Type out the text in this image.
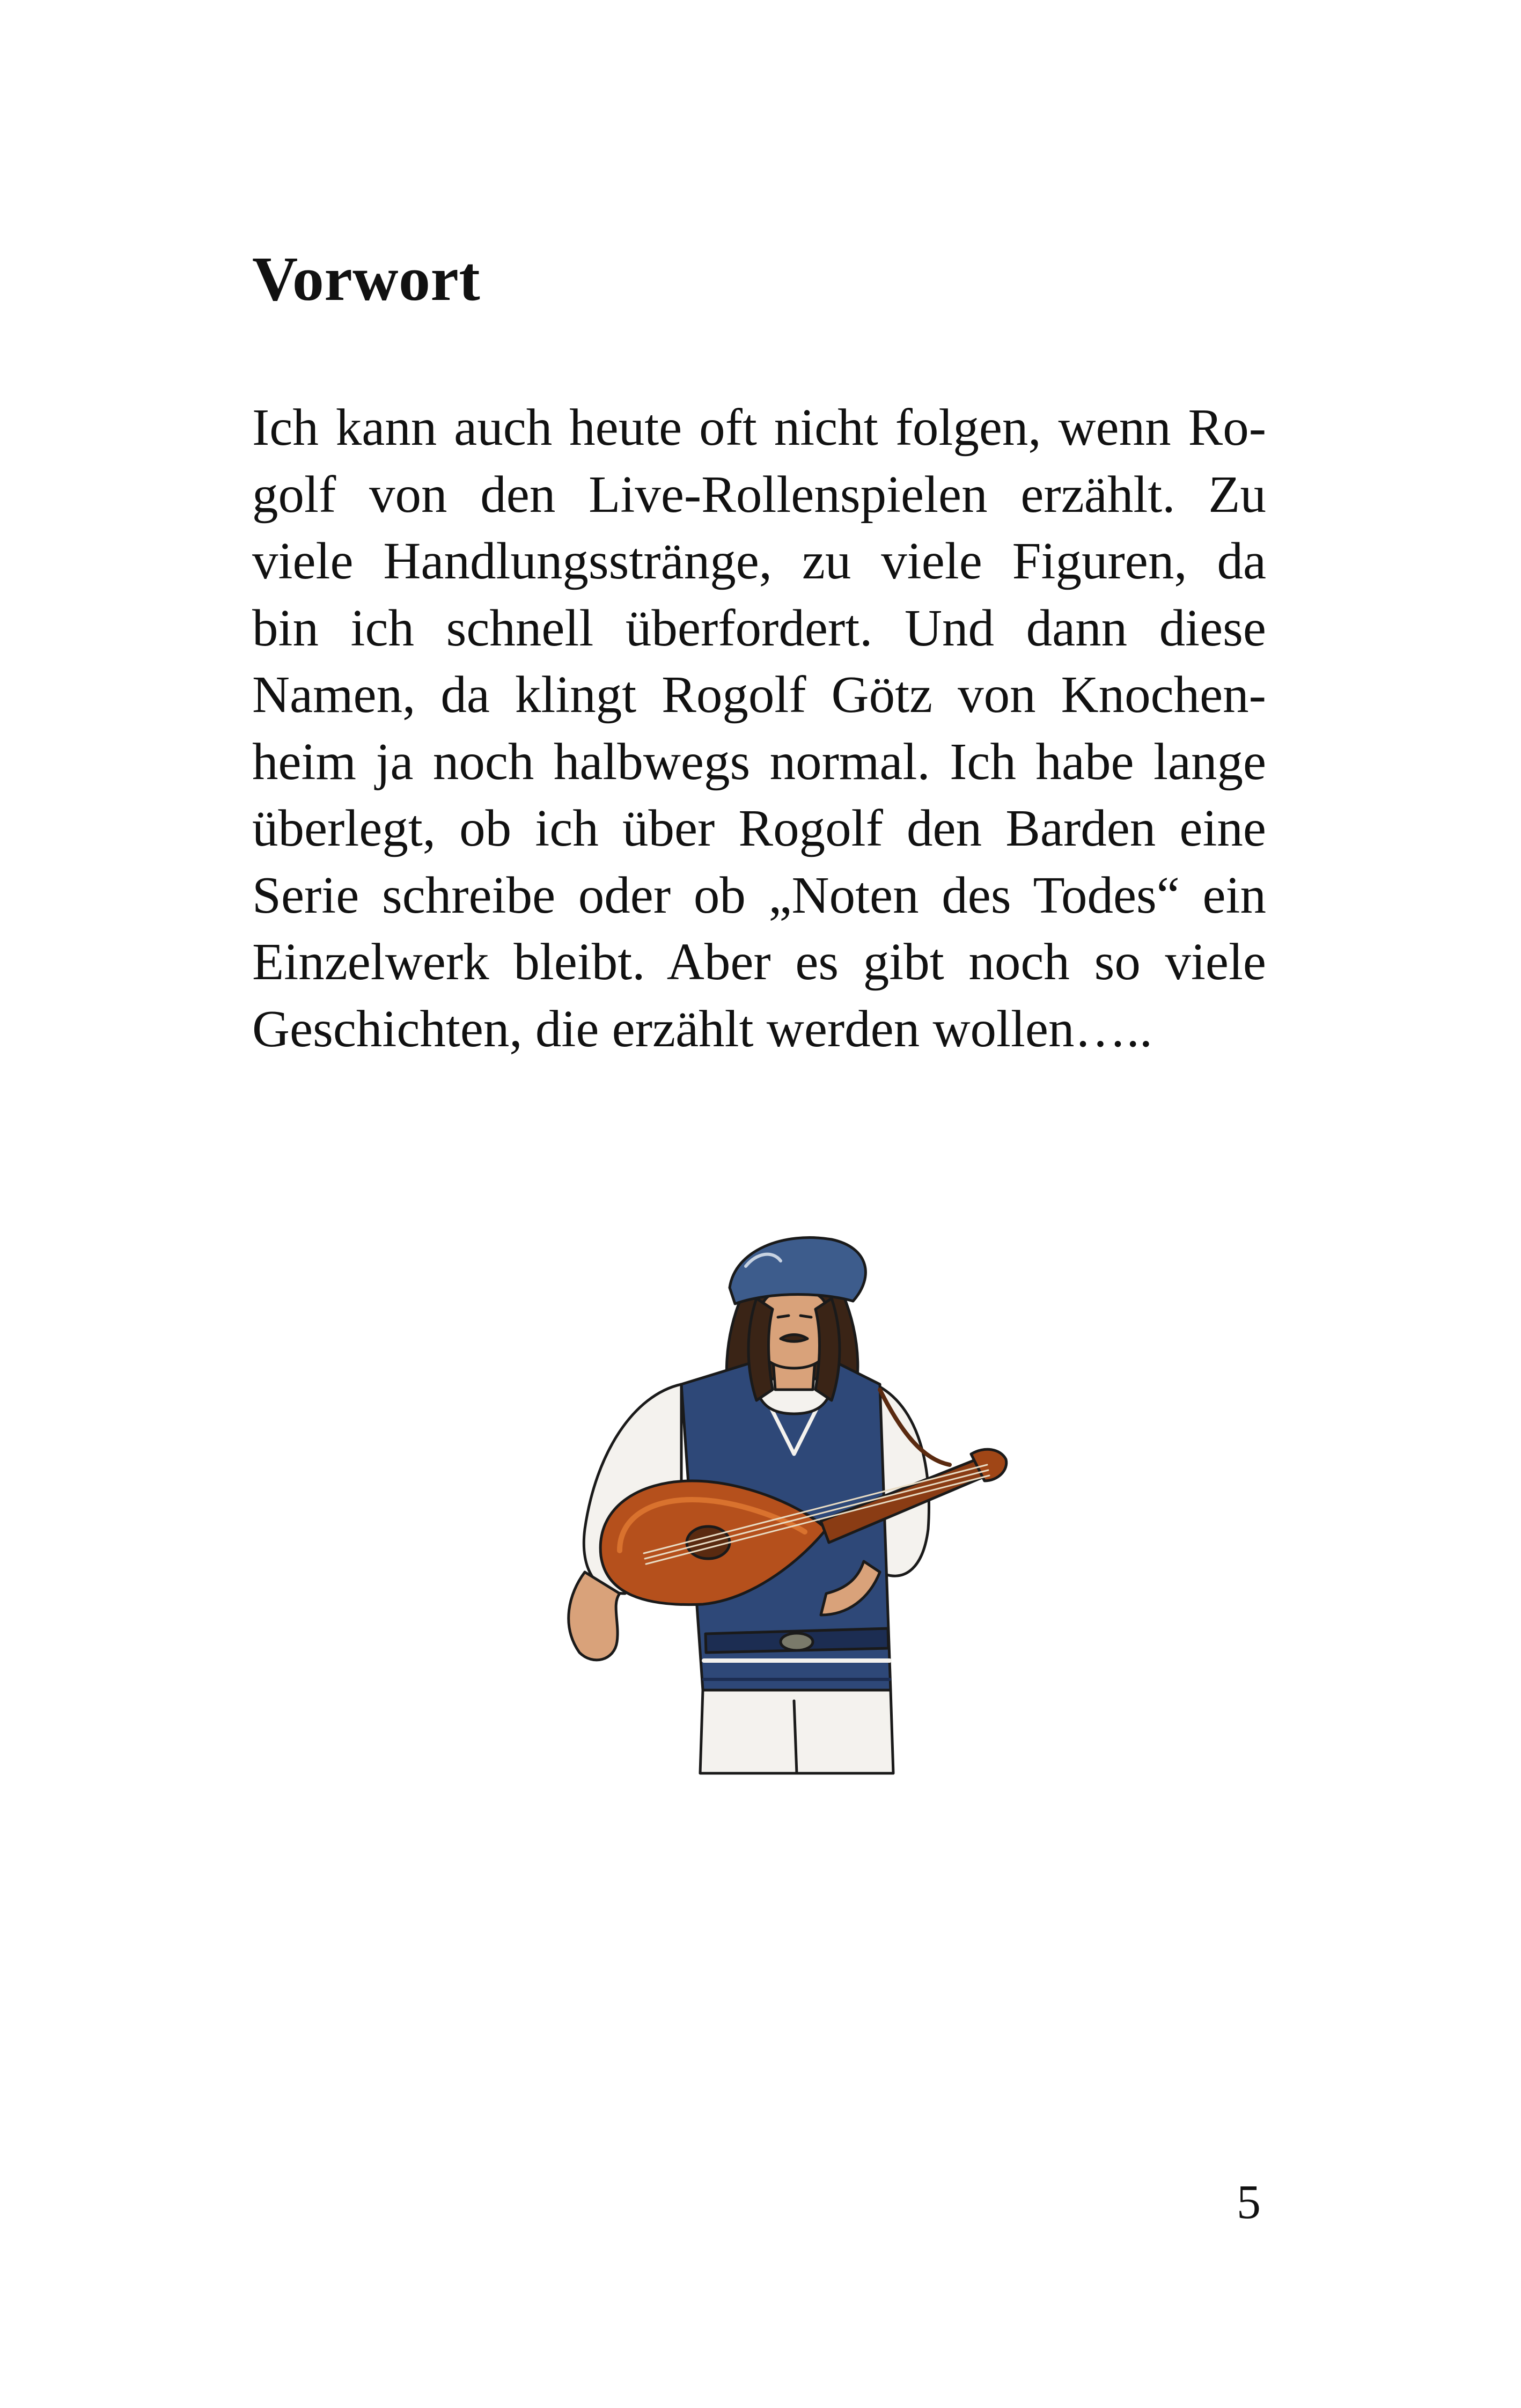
Vorwort
Ich kann auch heute oft nicht folgen, wenn Ro-
golf von den Live-Rollenspielen erzählt. Zu
viele Handlungsstränge, zu viele Figuren, da
bin ich schnell überfordert. Und dann diese
Namen, da klingt Rogolf Götz von Knochen-
heim ja noch halbwegs normal. Ich habe lange
überlegt, ob ich über Rogolf den Barden eine
Serie schreibe oder ob „Noten des Todes“ ein
Einzelwerk bleibt. Aber es gibt noch so viele
Geschichten, die erzählt werden wollen…..
5
